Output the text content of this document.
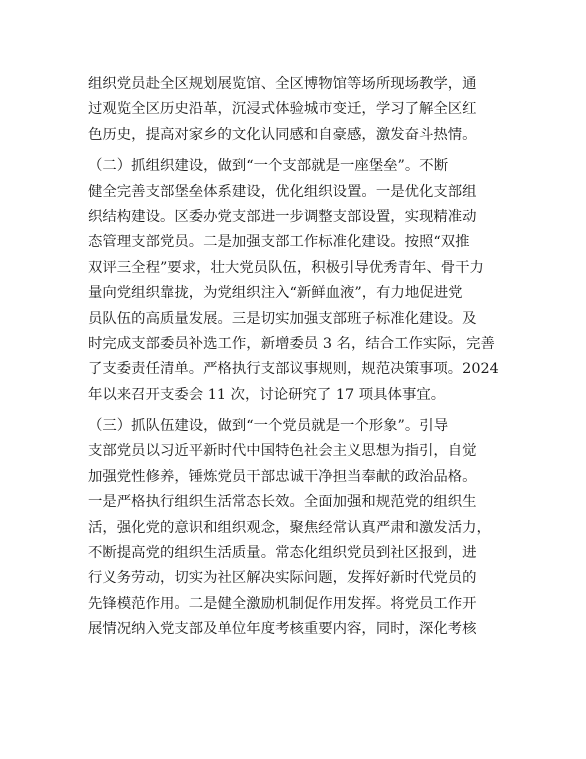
组织党员赴全区规划展览馆、全区博物馆等场所现场教学，通
过观览全区历史沿革，沉浸式体验城市变迁，学习了解全区红
色历史，提高对家乡的文化认同感和自豪感，激发奋斗热情。
（二）抓组织建设，做到“一个支部就是一座堡垒”。不断
健全完善支部堡垒体系建设，优化组织设置。一是优化支部组
织结构建设。区委办党支部进一步调整支部设置，实现精准动
态管理支部党员。二是加强支部工作标准化建设。按照“双推
双评三全程”要求，壮大党员队伍，积极引导优秀青年、骨干力
量向党组织靠拢，为党组织注入“新鲜血液”，有力地促进党
员队伍的高质量发展。三是切实加强支部班子标准化建设。及
时完成支部委员补选工作，新增委员 3 名，结合工作实际，完善
了支委责任清单。严格执行支部议事规则，规范决策事项。2024
年以来召开支委会 11 次，讨论研究了 17 项具体事宜。
（三）抓队伍建设，做到“一个党员就是一个形象”。引导
支部党员以习近平新时代中国特色社会主义思想为指引，自觉
加强党性修养，锤炼党员干部忠诚干净担当奉献的政治品格。
一是严格执行组织生活常态长效。全面加强和规范党的组织生
活，强化党的意识和组织观念，聚焦经常认真严肃和激发活力，
不断提高党的组织生活质量。常态化组织党员到社区报到，进
行义务劳动，切实为社区解决实际问题，发挥好新时代党员的
先锋模范作用。二是健全激励机制促作用发挥。将党员工作开
展情况纳入党支部及单位年度考核重要内容，同时，深化考核
